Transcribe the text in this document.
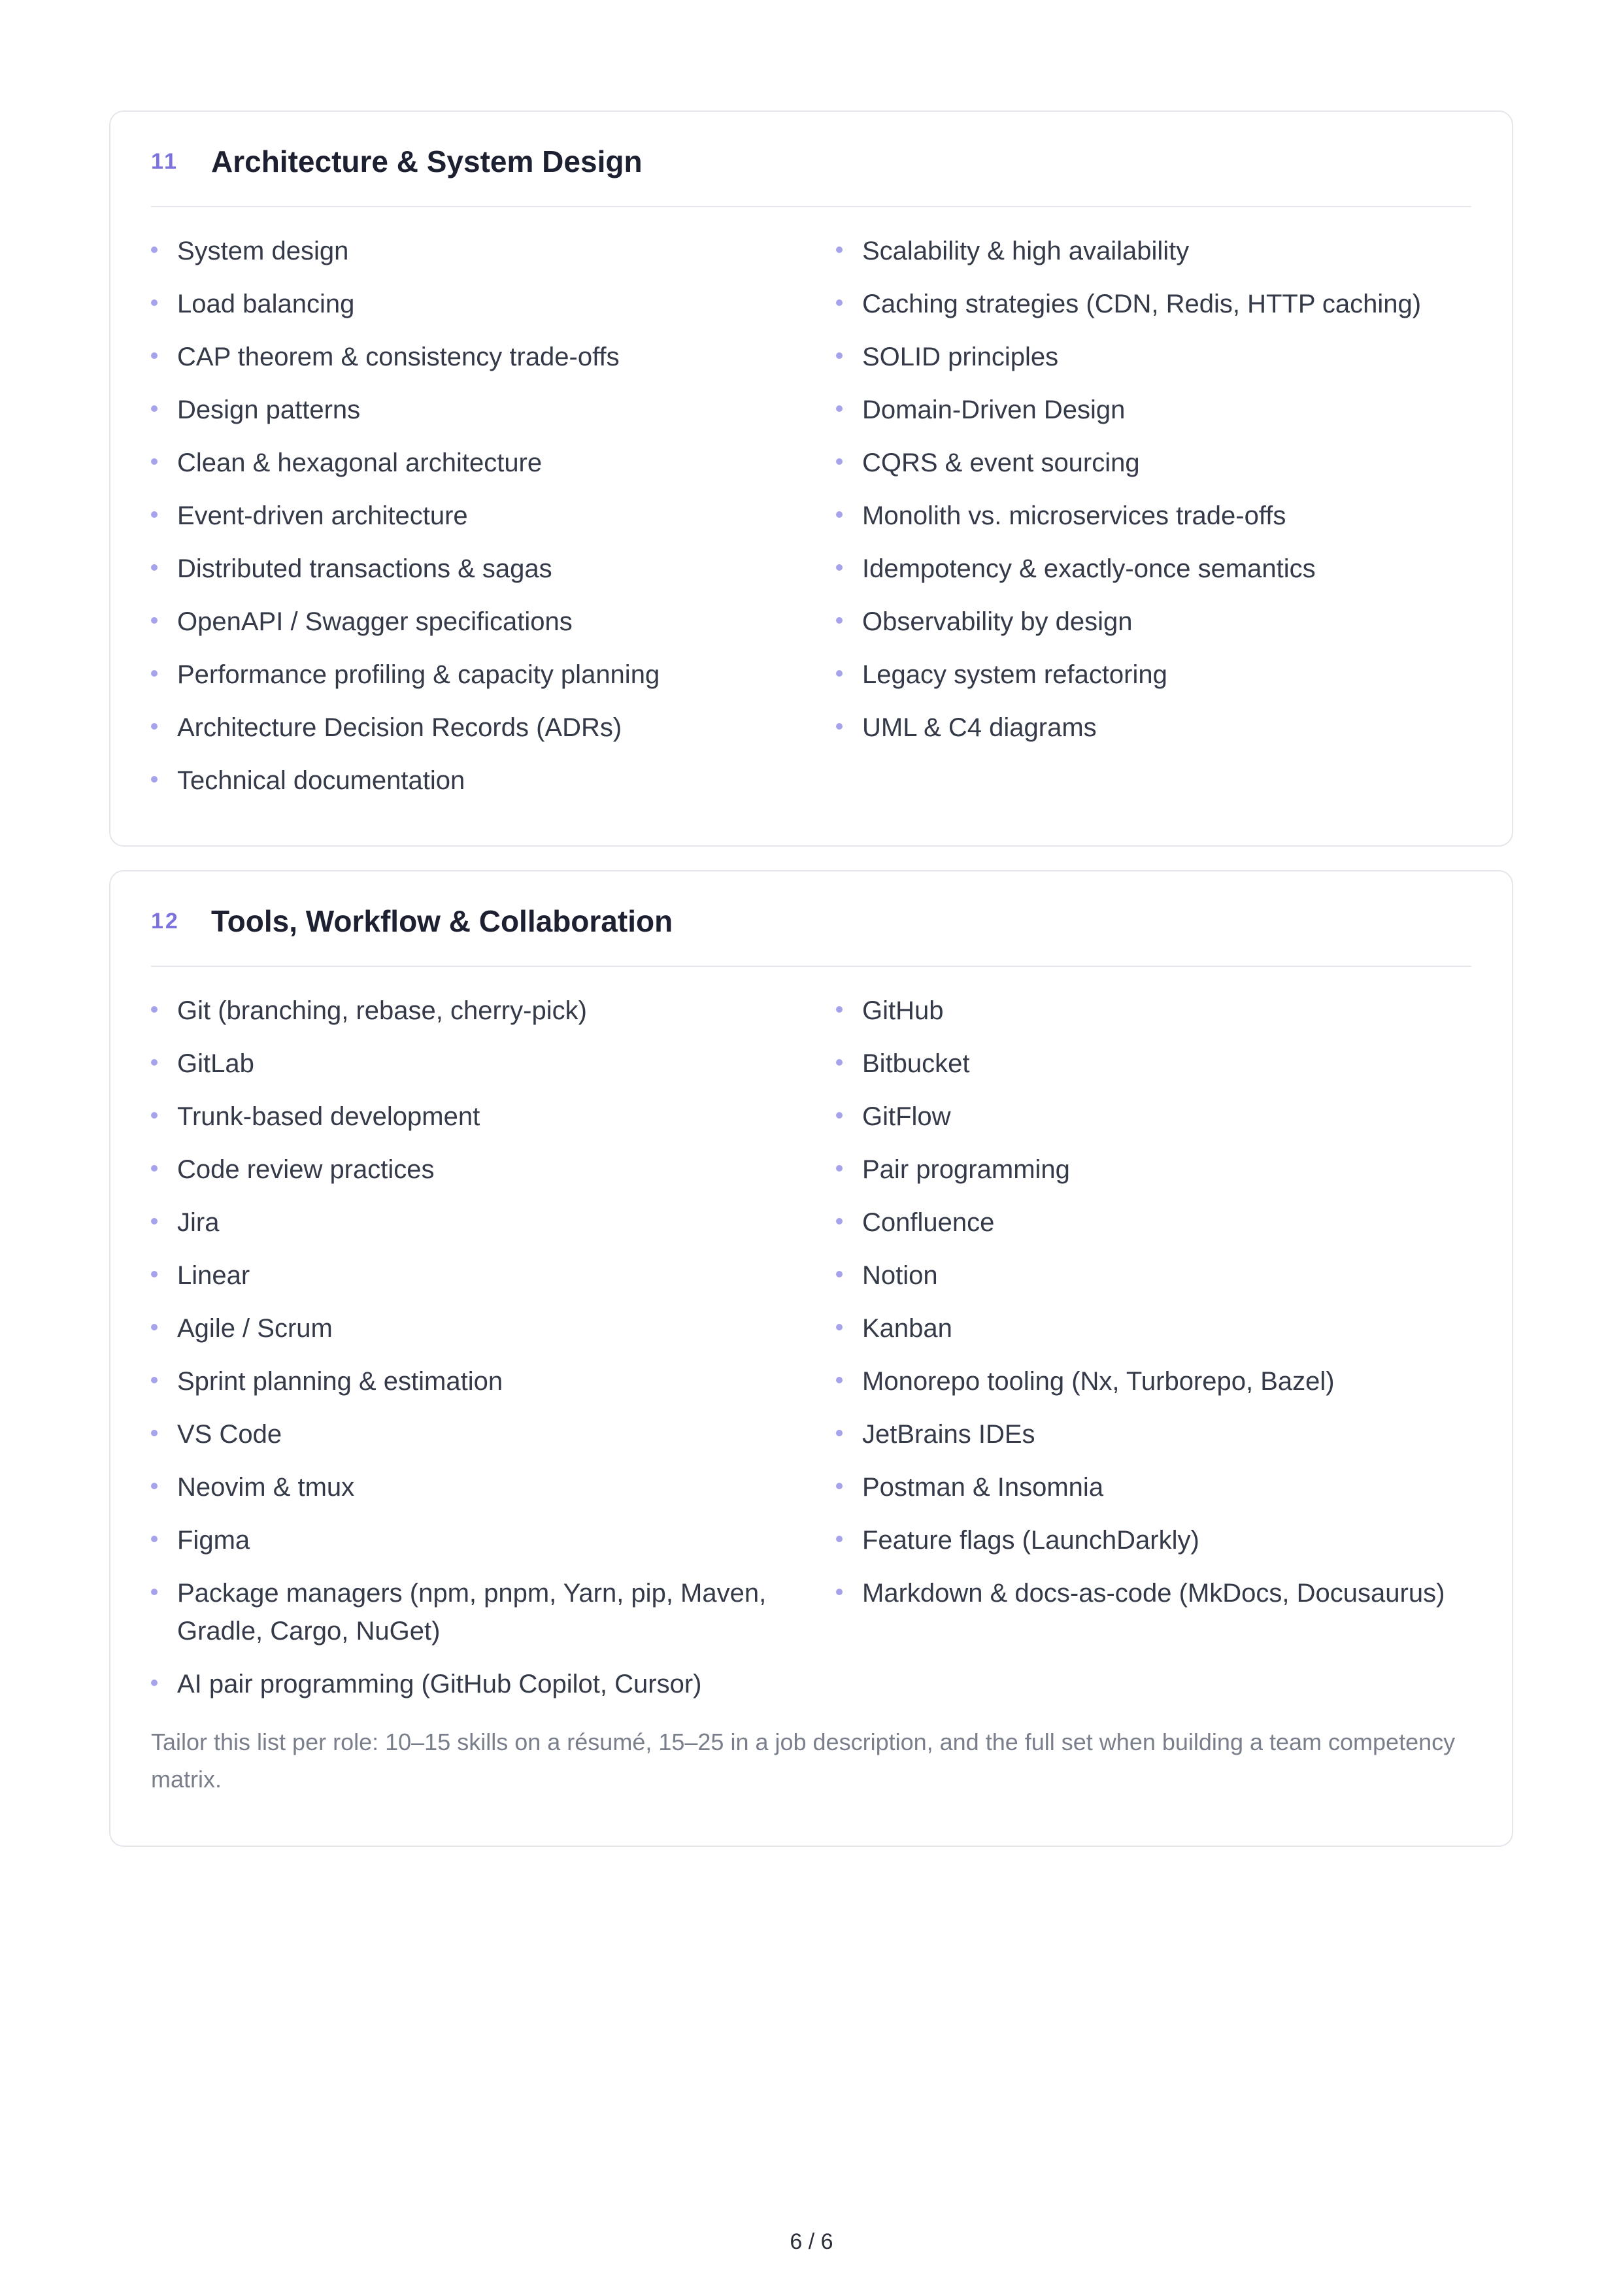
11	Architecture & System Design
System design	Scalability & high availability
Load balancing	Caching strategies (CDN, Redis, HTTP caching)
CAP theorem & consistency trade-offs	SOLID principles
Design patterns	Domain-Driven Design
Clean & hexagonal architecture	CQRS & event sourcing
Event-driven architecture	Monolith vs. microservices trade-offs
Distributed transactions & sagas	Idempotency & exactly-once semantics
OpenAPI / Swagger specifications	Observability by design
Performance profiling & capacity planning	Legacy system refactoring
Architecture Decision Records (ADRs)	UML & C4 diagrams
Technical documentation
12	Tools, Workflow & Collaboration
Git (branching, rebase, cherry-pick)	GitHub
GitLab	Bitbucket
Trunk-based development	GitFlow
Code review practices	Pair programming
Jira	Confluence
Linear	Notion
Agile / Scrum	Kanban
Sprint planning & estimation	Monorepo tooling (Nx, Turborepo, Bazel)
VS Code	JetBrains IDEs
Neovim & tmux	Postman & Insomnia
Figma	Feature flags (LaunchDarkly)
Package managers (npm, pnpm, Yarn, pip, Maven, Gradle, Cargo, NuGet)
Markdown & docs-as-code (MkDocs, Docusaurus)
AI pair programming (GitHub Copilot, Cursor)

Tailor this list per role: 10–15 skills on a résumé, 15–25 in a job description, and the full set when building a team competency matrix.

6 / 6
